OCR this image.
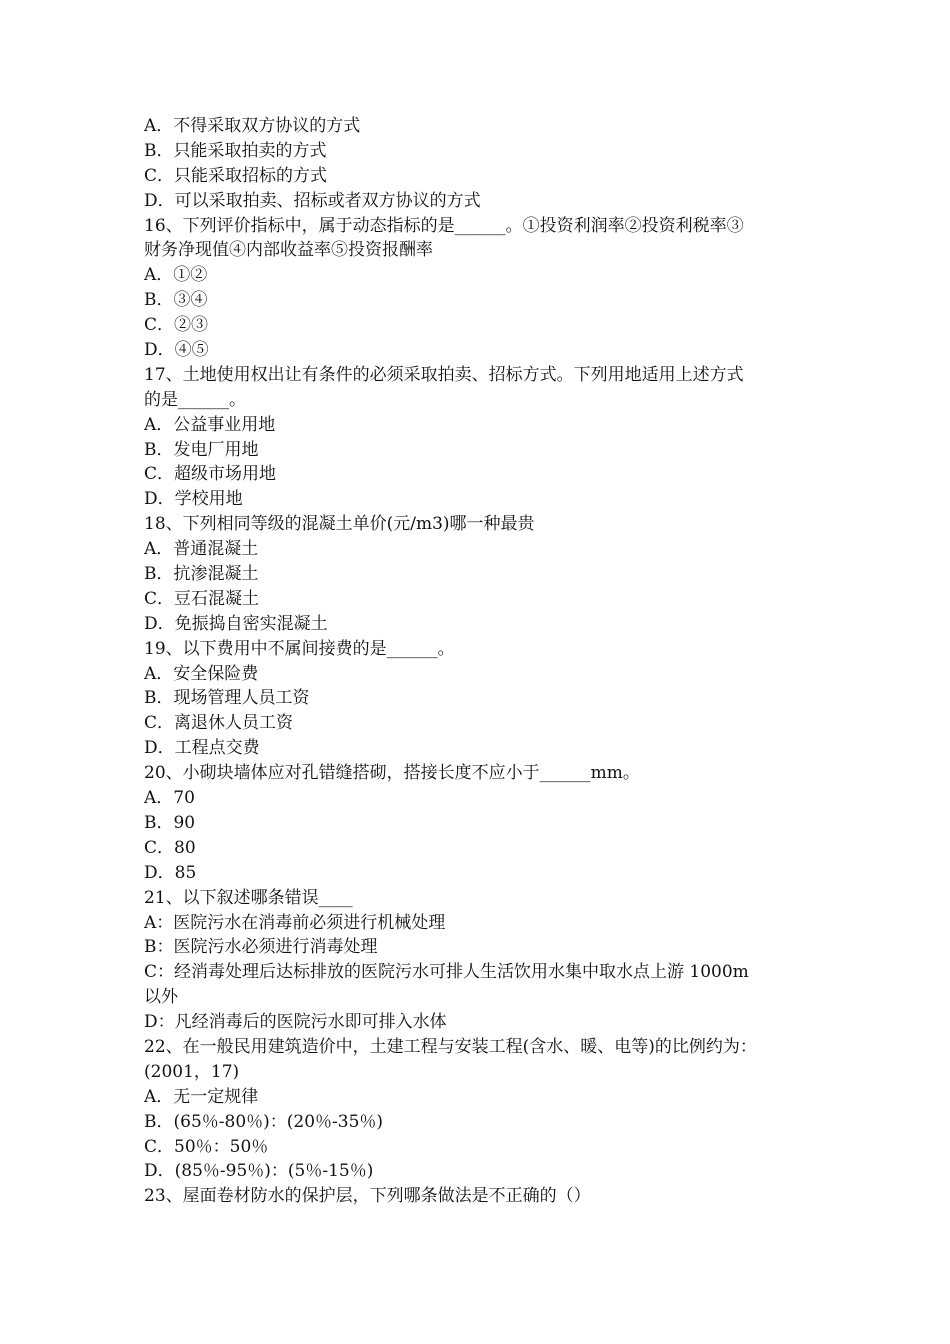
A．不得采取双方协议的方式
B．只能采取拍卖的方式
C．只能采取招标的方式
D．可以采取拍卖、招标或者双方协议的方式
16、下列评价指标中，属于动态指标的是______。①投资利润率②投资利税率③
财务净现值④内部收益率⑤投资报酬率
A．①②
B．③④
C．②③
D．④⑤
17、土地使用权出让有条件的必须采取拍卖、招标方式。下列用地适用上述方式
的是______。
A．公益事业用地
B．发电厂用地
C．超级市场用地
D．学校用地
18、下列相同等级的混凝土单价(元/m3)哪一种最贵
A．普通混凝土
B．抗渗混凝土
C．豆石混凝土
D．免振捣自密实混凝土
19、以下费用中不属间接费的是______。
A．安全保险费
B．现场管理人员工资
C．离退休人员工资
D．工程点交费
20、小砌块墙体应对孔错缝搭砌，搭接长度不应小于______mm。
A．70
B．90
C．80
D．85
21、以下叙述哪条错误____
A：医院污水在消毒前必须进行机械处理
B：医院污水必须进行消毒处理
C：经消毒处理后达标排放的医院污水可排人生活饮用水集中取水点上游 1000m
以外
D：凡经消毒后的医院污水即可排入水体
22、在一般民用建筑造价中，土建工程与安装工程(含水、暖、电等)的比例约为：
(2001，17)
A．无一定规律
B．(65％-80％)：(20％-35％)
C．50％：50％
D．(85％-95％)：(5％-15％)
23、屋面卷材防水的保护层，下列哪条做法是不正确的（）
